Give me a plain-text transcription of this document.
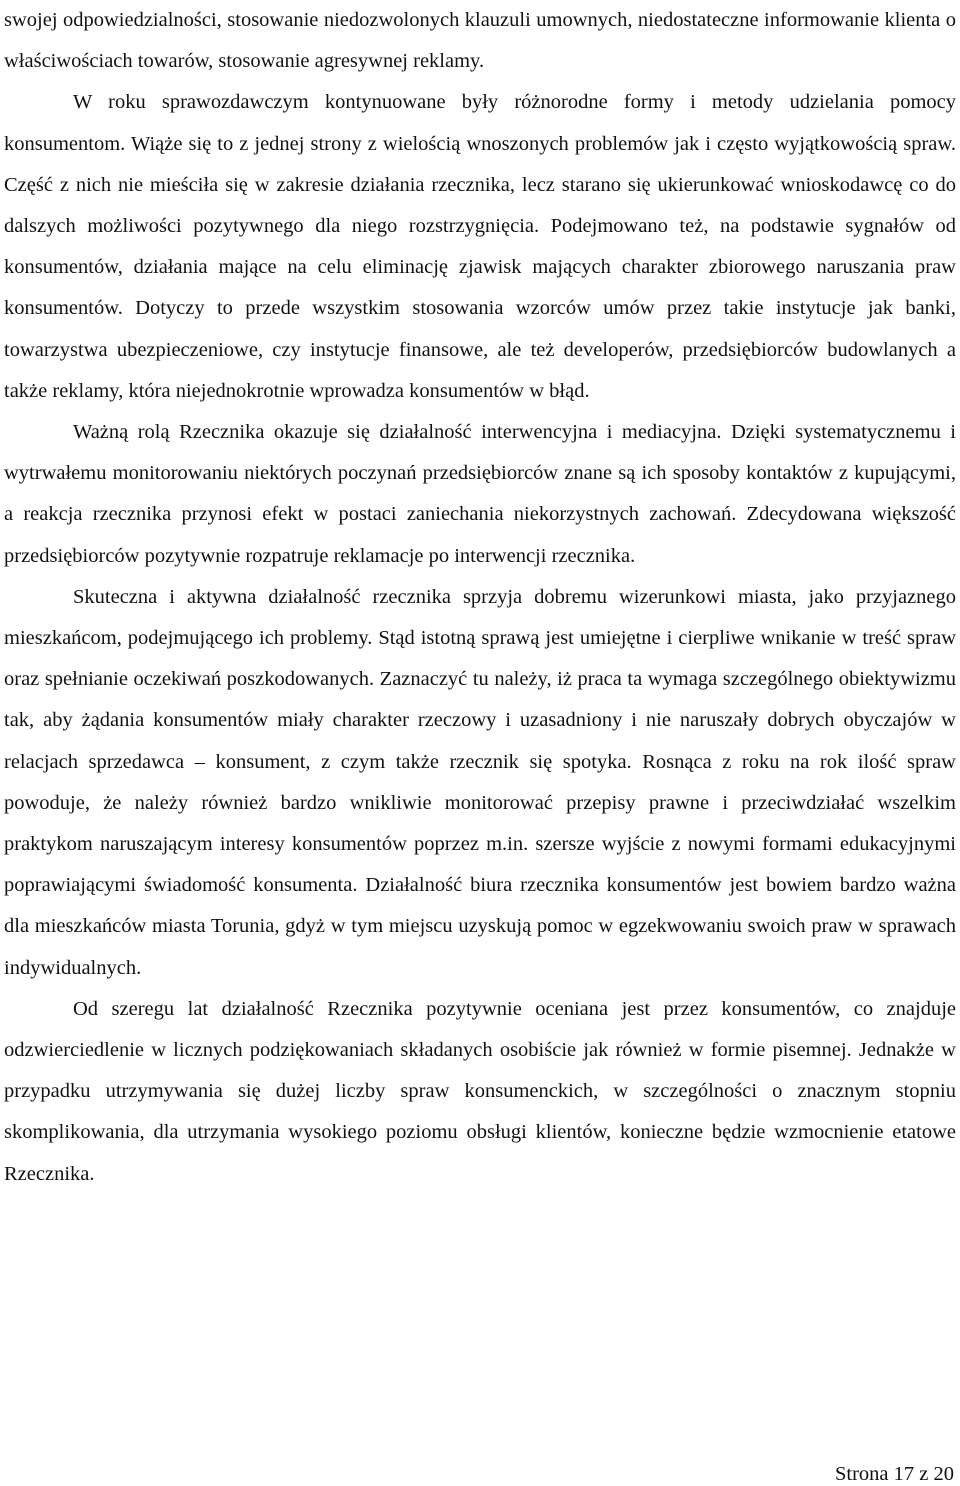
swojej odpowiedzialności, stosowanie niedozwolonych klauzuli umownych, niedostateczne informowanie klienta o właściwościach towarów, stosowanie agresywnej reklamy.

W roku sprawozdawczym kontynuowane były różnorodne formy i metody udzielania pomocy konsumentom. Wiąże się to z jednej strony z wielością wnoszonych problemów jak i często wyjątkowością spraw. Część z nich nie mieściła się w zakresie działania rzecznika, lecz starano się ukierunkować wnioskodawcę co do dalszych możliwości pozytywnego dla niego rozstrzygnięcia. Podejmowano też, na podstawie sygnałów od konsumentów, działania mające na celu eliminację zjawisk mających charakter zbiorowego naruszania praw konsumentów. Dotyczy to przede wszystkim stosowania wzorców umów przez takie instytucje jak banki, towarzystwa ubezpieczeniowe, czy instytucje finansowe, ale też developerów, przedsiębiorców budowlanych a także reklamy, która niejednokrotnie wprowadza konsumentów w błąd.

Ważną rolą Rzecznika okazuje się działalność interwencyjna i mediacyjna. Dzięki systematycznemu i wytrwałemu monitorowaniu niektórych poczynań przedsiębiorców znane są ich sposoby kontaktów z kupującymi, a reakcja rzecznika przynosi efekt w postaci zaniechania niekorzystnych zachowań. Zdecydowana większość przedsiębiorców pozytywnie rozpatruje reklamacje po interwencji rzecznika.

Skuteczna i aktywna działalność rzecznika sprzyja dobremu wizerunkowi miasta, jako przyjaznego mieszkańcom, podejmującego ich problemy. Stąd istotną sprawą jest umiejętne i cierpliwe wnikanie w treść spraw oraz spełnianie oczekiwań poszkodowanych. Zaznaczyć tu należy, iż praca ta wymaga szczególnego obiektywizmu tak, aby żądania konsumentów miały charakter rzeczowy i uzasadniony i nie naruszały dobrych obyczajów w relacjach sprzedawca – konsument, z czym także rzecznik się spotyka. Rosnąca z roku na rok ilość spraw powoduje, że należy również bardzo wnikliwie monitorować przepisy prawne i przeciwdziałać wszelkim praktykom naruszającym interesy konsumentów poprzez m.in. szersze wyjście z nowymi formami edukacyjnymi poprawiającymi świadomość konsumenta. Działalność biura rzecznika konsumentów jest bowiem bardzo ważna dla mieszkańców miasta Torunia, gdyż w tym miejscu uzyskują pomoc w egzekwowaniu swoich praw w sprawach indywidualnych.

Od szeregu lat działalność Rzecznika pozytywnie oceniana jest przez konsumentów, co znajduje odzwierciedlenie w licznych podziękowaniach składanych osobiście jak również w formie pisemnej. Jednakże w przypadku utrzymywania się dużej liczby spraw konsumenckich, w szczególności o znacznym stopniu skomplikowania, dla utrzymania wysokiego poziomu obsługi klientów, konieczne będzie wzmocnienie etatowe Rzecznika.

Strona 17 z 20
